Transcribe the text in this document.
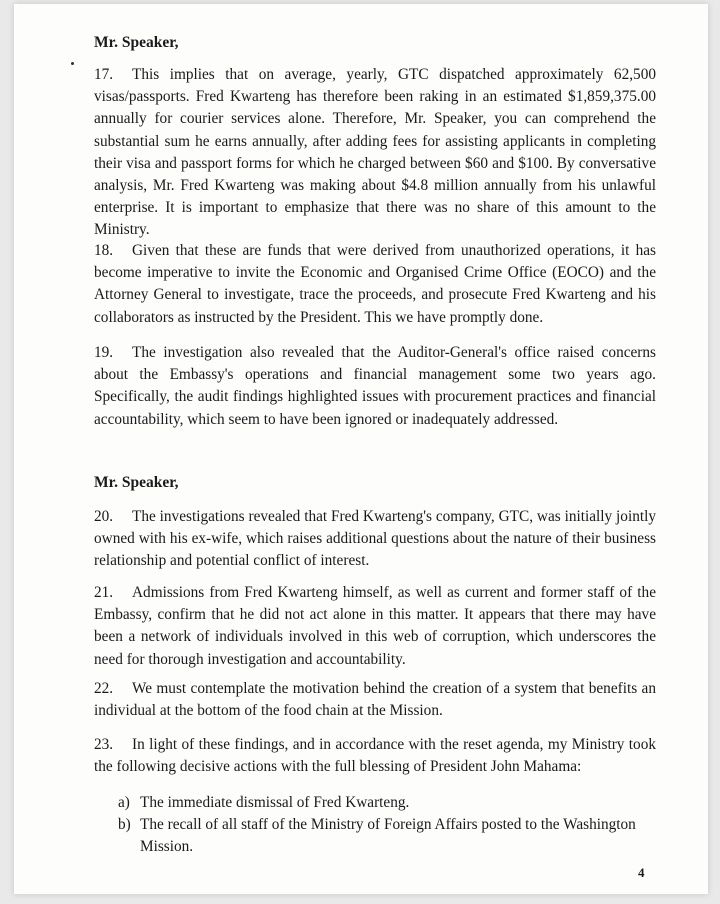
Mr. Speaker,
17. This implies that on average, yearly, GTC dispatched approximately 62,500 visas/passports. Fred Kwarteng has therefore been raking in an estimated $1,859,375.00 annually for courier services alone. Therefore, Mr. Speaker, you can comprehend the substantial sum he earns annually, after adding fees for assisting applicants in completing their visa and passport forms for which he charged between $60 and $100. By conversative analysis, Mr. Fred Kwarteng was making about $4.8 million annually from his unlawful enterprise. It is important to emphasize that there was no share of this amount to the Ministry.
18. Given that these are funds that were derived from unauthorized operations, it has become imperative to invite the Economic and Organised Crime Office (EOCO) and the Attorney General to investigate, trace the proceeds, and prosecute Fred Kwarteng and his collaborators as instructed by the President. This we have promptly done.
19. The investigation also revealed that the Auditor-General's office raised concerns about the Embassy's operations and financial management some two years ago. Specifically, the audit findings highlighted issues with procurement practices and financial accountability, which seem to have been ignored or inadequately addressed.
Mr. Speaker,
20. The investigations revealed that Fred Kwarteng's company, GTC, was initially jointly owned with his ex-wife, which raises additional questions about the nature of their business relationship and potential conflict of interest.
21. Admissions from Fred Kwarteng himself, as well as current and former staff of the Embassy, confirm that he did not act alone in this matter. It appears that there may have been a network of individuals involved in this web of corruption, which underscores the need for thorough investigation and accountability.
22. We must contemplate the motivation behind the creation of a system that benefits an individual at the bottom of the food chain at the Mission.
23. In light of these findings, and in accordance with the reset agenda, my Ministry took the following decisive actions with the full blessing of President John Mahama:
a) The immediate dismissal of Fred Kwarteng.
b) The recall of all staff of the Ministry of Foreign Affairs posted to the Washington Mission.
4
